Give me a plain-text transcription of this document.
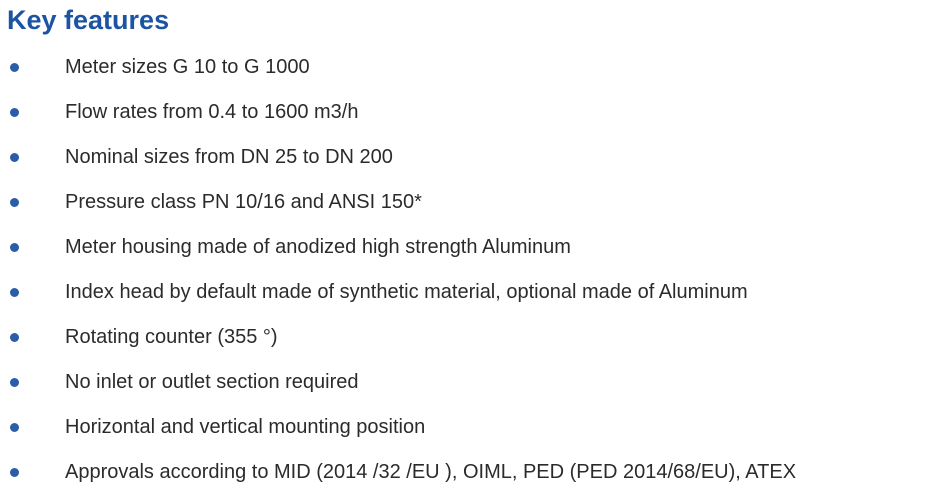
Key features
Meter sizes G 10 to G 1000
Flow rates from 0.4 to 1600 m3/h
Nominal sizes from DN 25 to DN 200
Pressure class PN 10/16 and ANSI 150*
Meter housing made of anodized high strength Aluminum
Index head by default made of synthetic material, optional made of Aluminum
Rotating counter (355 °)
No inlet or outlet section required
Horizontal and vertical mounting position
Approvals according to MID (2014 /32 /EU ), OIML, PED (PED 2014/68/EU), ATEX
